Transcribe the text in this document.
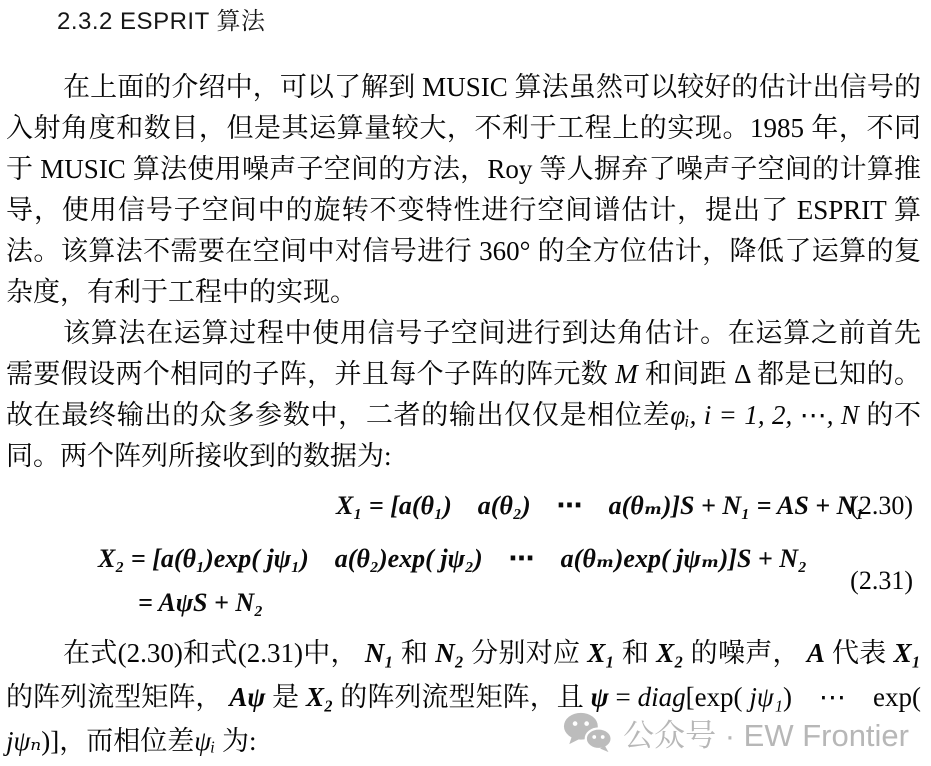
2.3.2 ESPRIT 算法

在上面的介绍中，可以了解到 MUSIC 算法虽然可以较好的估计出信号的入射角度和数目，但是其运算量较大，不利于工程上的实现。1985 年，不同于 MUSIC 算法使用噪声子空间的方法，Roy 等人摒弃了噪声子空间的计算推导，使用信号子空间中的旋转不变特性进行空间谱估计，提出了 ESPRIT 算法。该算法不需要在空间中对信号进行 360° 的全方位估计，降低了运算的复杂度，有利于工程中的实现。

该算法在运算过程中使用信号子空间进行到达角估计。在运算之前首先需要假设两个相同的子阵，并且每个子阵的阵元数 M 和间距 Δ 都是已知的。故在最终输出的众多参数中，二者的输出仅仅是相位差φᵢ, i = 1, 2, ⋯, N 的不同。两个阵列所接收到的数据为:

X₁ = [a(θ₁) a(θ₂) ⋯ a(θₘ)]S + N₁ = AS + N₁
(2.30)
X₂ = [a(θ₁)exp( jψ₁) a(θ₂)exp( jψ₂) ⋯ a(θₘ)exp( jψₘ)]S + N₂
= AψS + N₂
(2.31)

在式(2.30)和式(2.31)中， N₁ 和 N₂ 分别对应 X₁ 和 X₂ 的噪声， A 代表 X₁ 的阵列流型矩阵， Aψ 是 X₂ 的阵列流型矩阵，且 ψ = diag[exp( jψ₁) ⋯ exp( jψₙ)]，而相位差ψᵢ 为:	公众号 · EW Frontier
